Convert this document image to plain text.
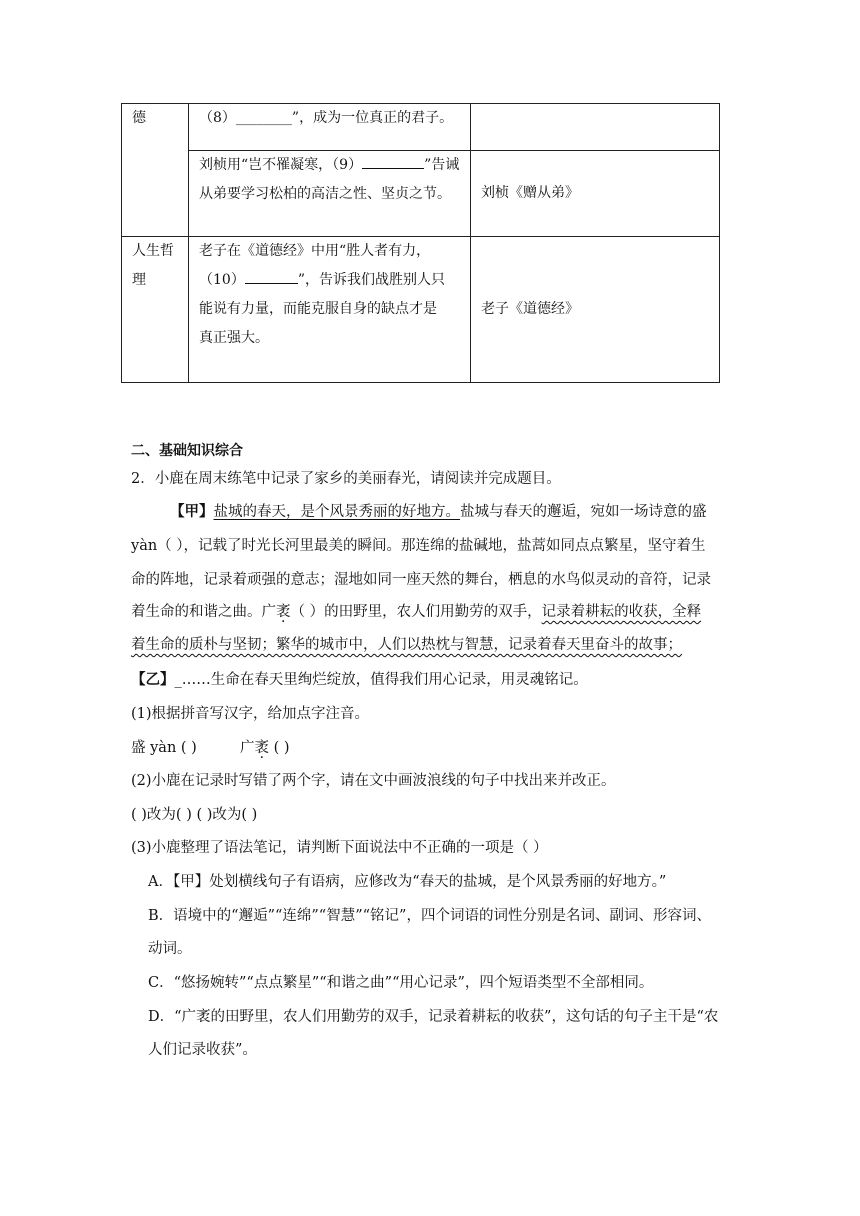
德	（8）________”，成为一位真正的君子。	
	刘桢用“岂不罹凝寒，（9） ”告诫
从弟要学习松柏的高洁之性、坚贞之节。	刘桢《赠从弟》
人生哲
理	老子在《道德经》中用“胜人者有力，
（10） ”，告诉我们战胜别人只
能说有力量，而能克服自身的缺点才是
真正强大。	老子《道德经》
二、基础知识综合
2．小鹿在周末练笔中记录了家乡的美丽春光，请阅读并完成题目。
【甲】盐城的春天，是个风景秀丽的好地方。盐城与春天的邂逅，宛如一场诗意的盛
yàn（ ），记载了时光长河里最美的瞬间。那连绵的盐碱地，盐蒿如同点点繁星，坚守着生
命的阵地，记录着顽强的意志；湿地如同一座天然的舞台，栖息的水鸟似灵动的音符，记录
着生命的和谐之曲。广袤（ ）的田野里，农人们用勤劳的双手，记录着耕耘的收获，全释
着生命的质朴与坚韧；繁华的城市中，人们以热枕与智慧，记录着春天里奋斗的故事；
【乙】_……生命在春天里绚烂绽放，值得我们用心记录，用灵魂铭记。
(1)根据拼音写汉字，给加点字注音。
盛 yàn ( )	广袤 ( )
(2)小鹿在记录时写错了两个字，请在文中画波浪线的句子中找出来并改正。
( )改为( ) ( )改为( )
(3)小鹿整理了语法笔记，请判断下面说法中不正确的一项是（ ）
A．【甲】处划横线句子有语病，应修改为“春天的盐城，是个风景秀丽的好地方。”
B．语境中的“邂逅”“连绵”“智慧”“铭记”，四个词语的词性分别是名词、副词、形容词、
动词。
C．“悠扬婉转”“点点繁星”“和谐之曲”“用心记录”，四个短语类型不全部相同。
D．“广袤的田野里，农人们用勤劳的双手，记录着耕耘的收获”，这句话的句子主干是“农
人们记录收获”。
